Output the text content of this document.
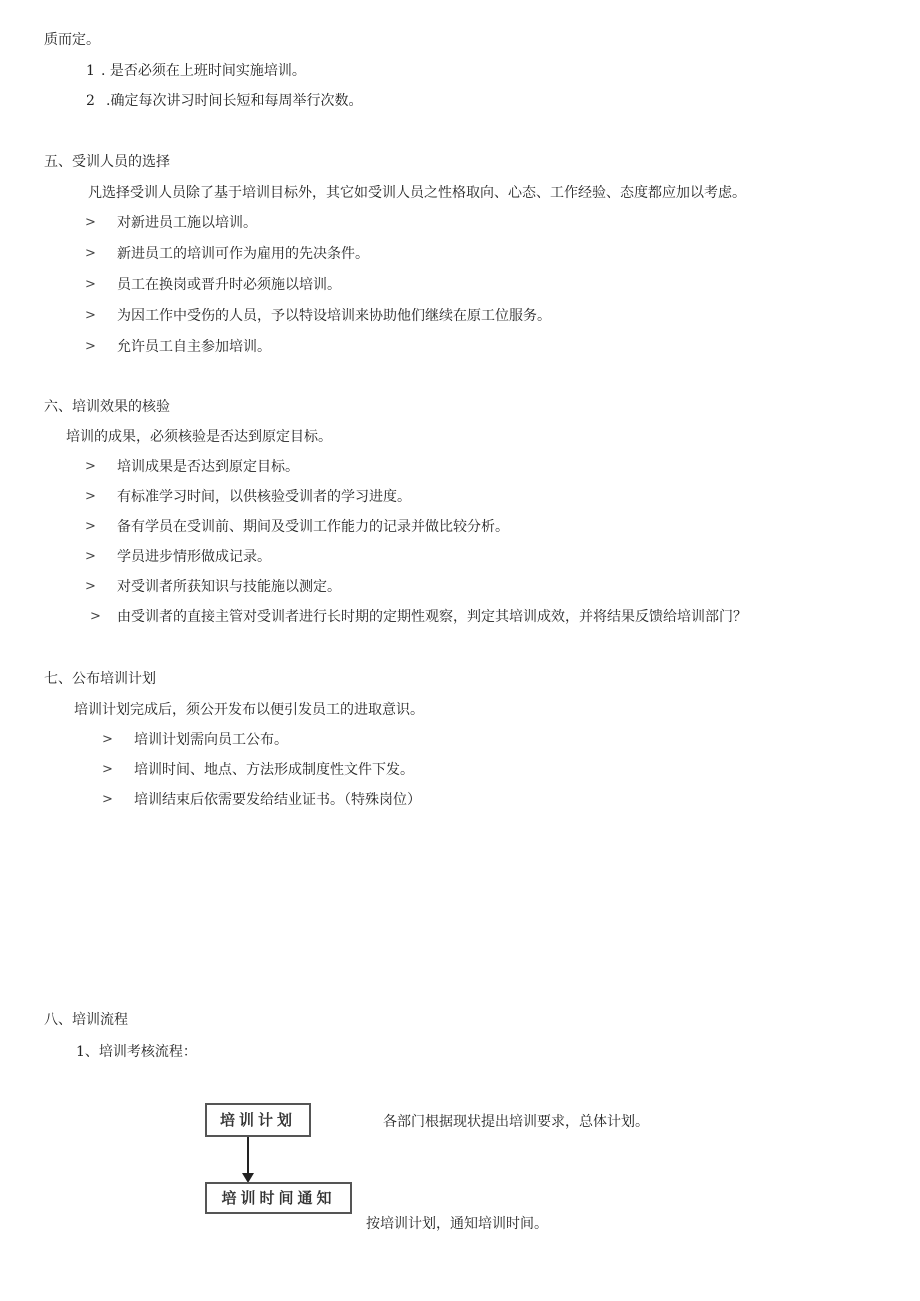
质而定。
1 . 是否必须在上班时间实施培训。
2 .确定每次讲习时间长短和每周举行次数。
五、受训人员的选择
凡选择受训人员除了基于培训目标外，其它如受训人员之性格取向、心态、工作经验、态度都应加以考虑。
> 对新进员工施以培训。
> 新进员工的培训可作为雇用的先决条件。
> 员工在换岗或晋升时必须施以培训。
> 为因工作中受伤的人员，予以特设培训来协助他们继续在原工位服务。
> 允许员工自主参加培训。
六、培训效果的核验
培训的成果，必须核验是否达到原定目标。
> 培训成果是否达到原定目标。
> 有标准学习时间，以供核验受训者的学习进度。
> 备有学员在受训前、期间及受训工作能力的记录并做比较分析。
> 学员进步情形做成记录。
> 对受训者所获知识与技能施以测定。
> 由受训者的直接主管对受训者进行长时期的定期性观察，判定其培训成效，并将结果反馈给培训部门？
七、公布培训计划
培训计划完成后，须公开发布以便引发员工的进取意识。
> 培训计划需向员工公布。
> 培训时间、地点、方法形成制度性文件下发。
> 培训结束后依需要发给结业证书。（特殊岗位）
八、培训流程
1、培训考核流程：
培训计划
培训时间通知
各部门根据现状提出培训要求，总体计划。
按培训计划，通知培训时间。
